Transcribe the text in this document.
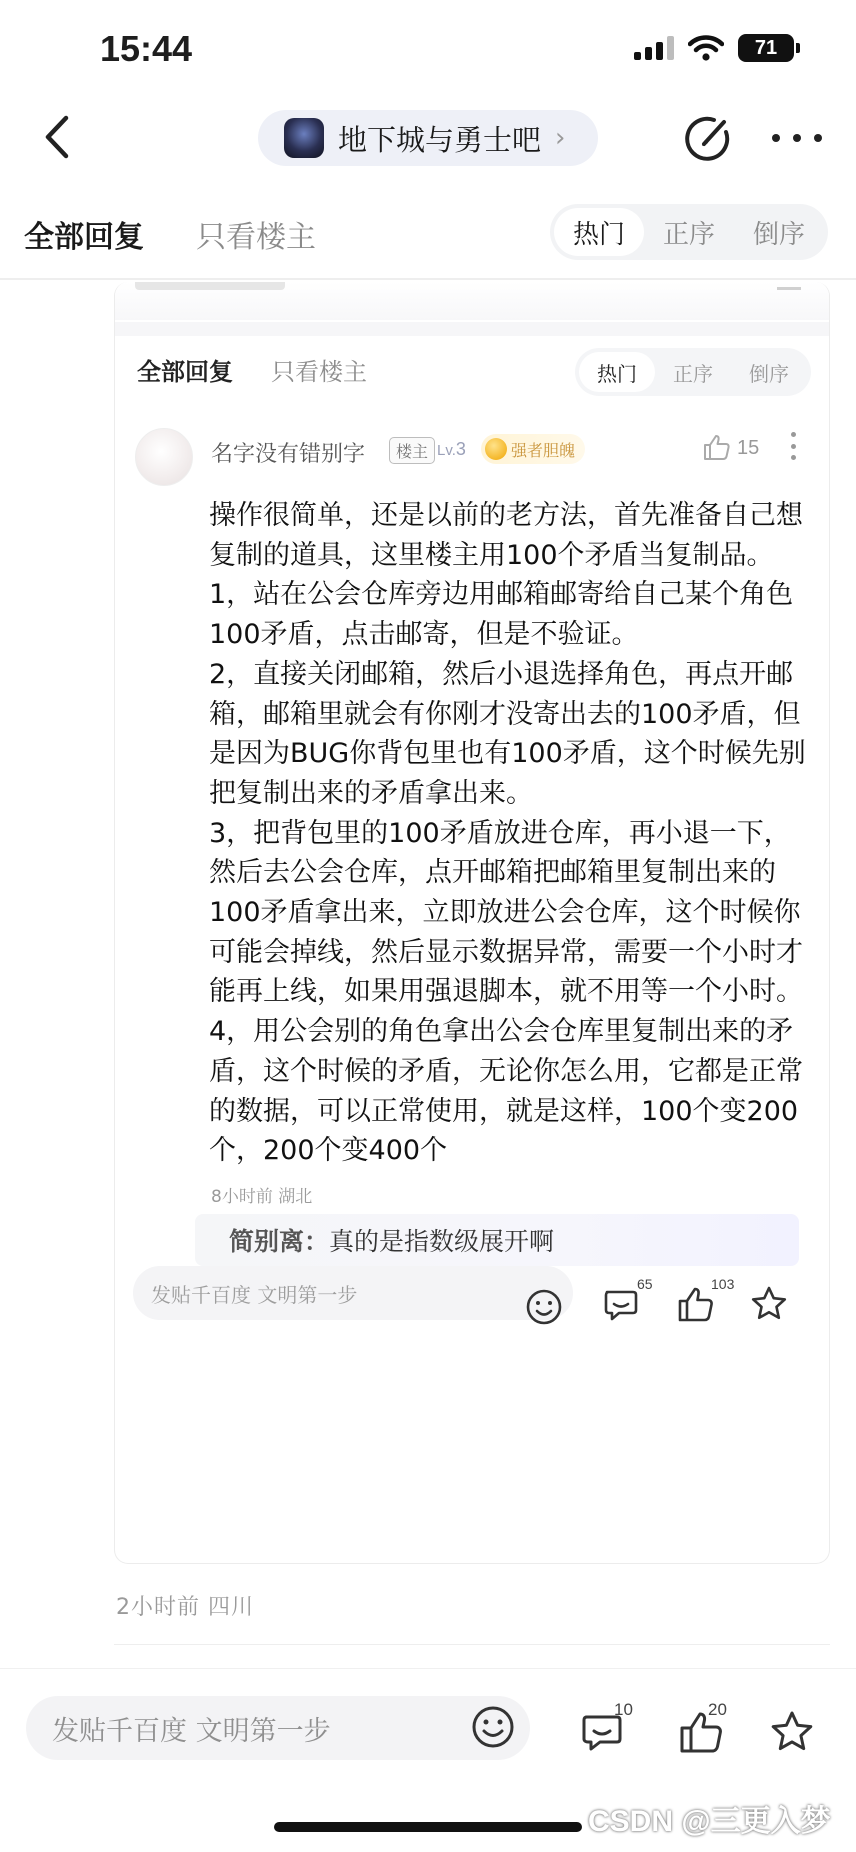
15:44	71
地下城与勇士吧 ›
全部回复 只看楼主	热门	正序	倒序
全部回复 只看楼主	热门	正序	倒序
名字没有错别字	楼主 Lv.3	强者胆魄	15

操作很简单，还是以前的老方法，首先准备自己想复制的道具，这里楼主用100个矛盾当复制品。

1，站在公会仓库旁边用邮箱邮寄给自己某个角色100矛盾，点击邮寄，但是不验证。

2，直接关闭邮箱，然后小退选择角色，再点开邮箱，邮箱里就会有你刚才没寄出去的100矛盾，但是因为BUG你背包里也有100矛盾，这个时候先别把复制出来的矛盾拿出来。

3，把背包里的100矛盾放进仓库，再小退一下，然后去公会仓库，点开邮箱把邮箱里复制出来的100矛盾拿出来，立即放进公会仓库，这个时候你可能会掉线，然后显示数据异常，需要一个小时才能再上线，如果用强退脚本，就不用等一个小时。

4，用公会别的角色拿出公会仓库里复制出来的矛盾，这个时候的矛盾，无论你怎么用，它都是正常的数据，可以正常使用，就是这样，100个变200个，200个变400个

8小时前 湖北
简别离：真的是指数级展开啊
发贴千百度 文明第一步	65	103
2小时前 四川
发贴千百度 文明第一步
10	20
CSDN @三更入梦
